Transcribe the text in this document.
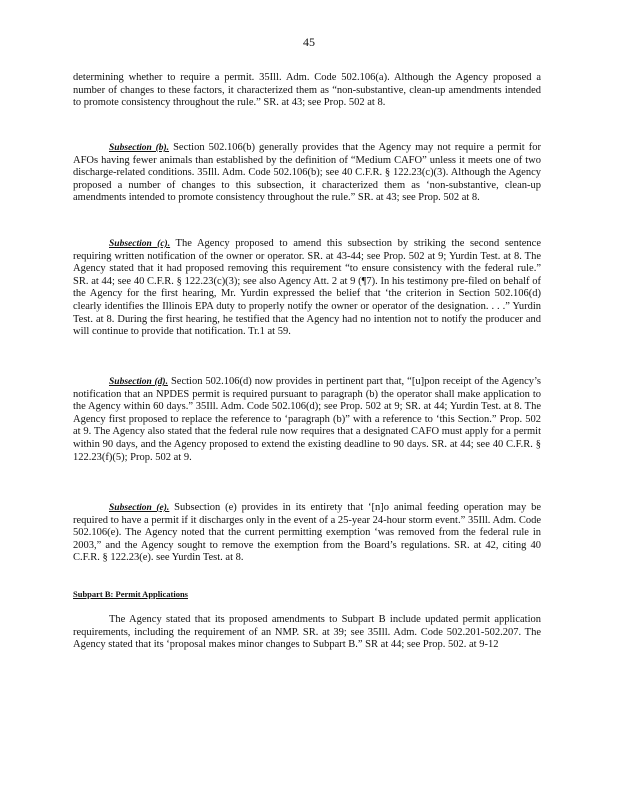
45

determining whether to require a permit. 35Ill. Adm. Code 502.106(a). Although the Agency proposed a number of changes to these factors, it characterized them as “non-substantive, clean-up amendments intended to promote consistency throughout the rule.” SR. at 43; see Prop. 502 at 8.

Subsection (b). Section 502.106(b) generally provides that the Agency may not require a permit for AFOs having fewer animals than established by the definition of “Medium CAFO” unless it meets one of two discharge-related conditions. 35Ill. Adm. Code 502.106(b); see 40 C.F.R. § 122.23(c)(3). Although the Agency proposed a number of changes to this subsection, it characterized them as ‘non-substantive, clean-up amendments intended to promote consistency throughout the rule.” SR. at 43; see Prop. 502 at 8.

Subsection (c). The Agency proposed to amend this subsection by striking the second sentence requiring written notification of the owner or operator. SR. at 43-44; see Prop. 502 at 9; Yurdin Test. at 8. The Agency stated that it had proposed removing this requirement “to ensure consistency with the federal rule.” SR. at 44; see 40 C.F.R. § 122.23(c)(3); see also Agency Att. 2 at 9 (¶7). In his testimony pre-filed on behalf of the Agency for the first hearing, Mr. Yurdin expressed the belief that ‘the criterion in Section 502.106(d) clearly identifies the Illinois EPA duty to properly notify the owner or operator of the designation. . . .” Yurdin Test. at 8. During the first hearing, he testified that the Agency had no intention not to notify the producer and will continue to provide that notification. Tr.1 at 59.

Subsection (d). Section 502.106(d) now provides in pertinent part that, “[u]pon receipt of the Agency’s notification that an NPDES permit is required pursuant to paragraph (b) the operator shall make application to the Agency within 60 days.” 35Ill. Adm. Code 502.106(d); see Prop. 502 at 9; SR. at 44; Yurdin Test. at 8. The Agency first proposed to replace the reference to ‘paragraph (b)” with a reference to ‘this Section.” Prop. 502 at 9. The Agency also stated that the federal rule now requires that a designated CAFO must apply for a permit within 90 days, and the Agency proposed to extend the existing deadline to 90 days. SR. at 44; see 40 C.F.R. § 122.23(f)(5); Prop. 502 at 9.

Subsection (e). Subsection (e) provides in its entirety that ‘[n]o animal feeding operation may be required to have a permit if it discharges only in the event of a 25-year 24-hour storm event.” 35Ill. Adm. Code 502.106(e). The Agency noted that the current permitting exemption ‘was removed from the federal rule in 2003,” and the Agency sought to remove the exemption from the Board’s regulations. SR. at 42, citing 40 C.F.R. § 122.23(e). see Yurdin Test. at 8.

Subpart B: Permit Applications

The Agency stated that its proposed amendments to Subpart B include updated permit application requirements, including the requirement of an NMP. SR. at 39; see 35Ill. Adm. Code 502.201-502.207. The Agency stated that its ‘proposal makes minor changes to Subpart B.” SR at 44; see Prop. 502. at 9-12
